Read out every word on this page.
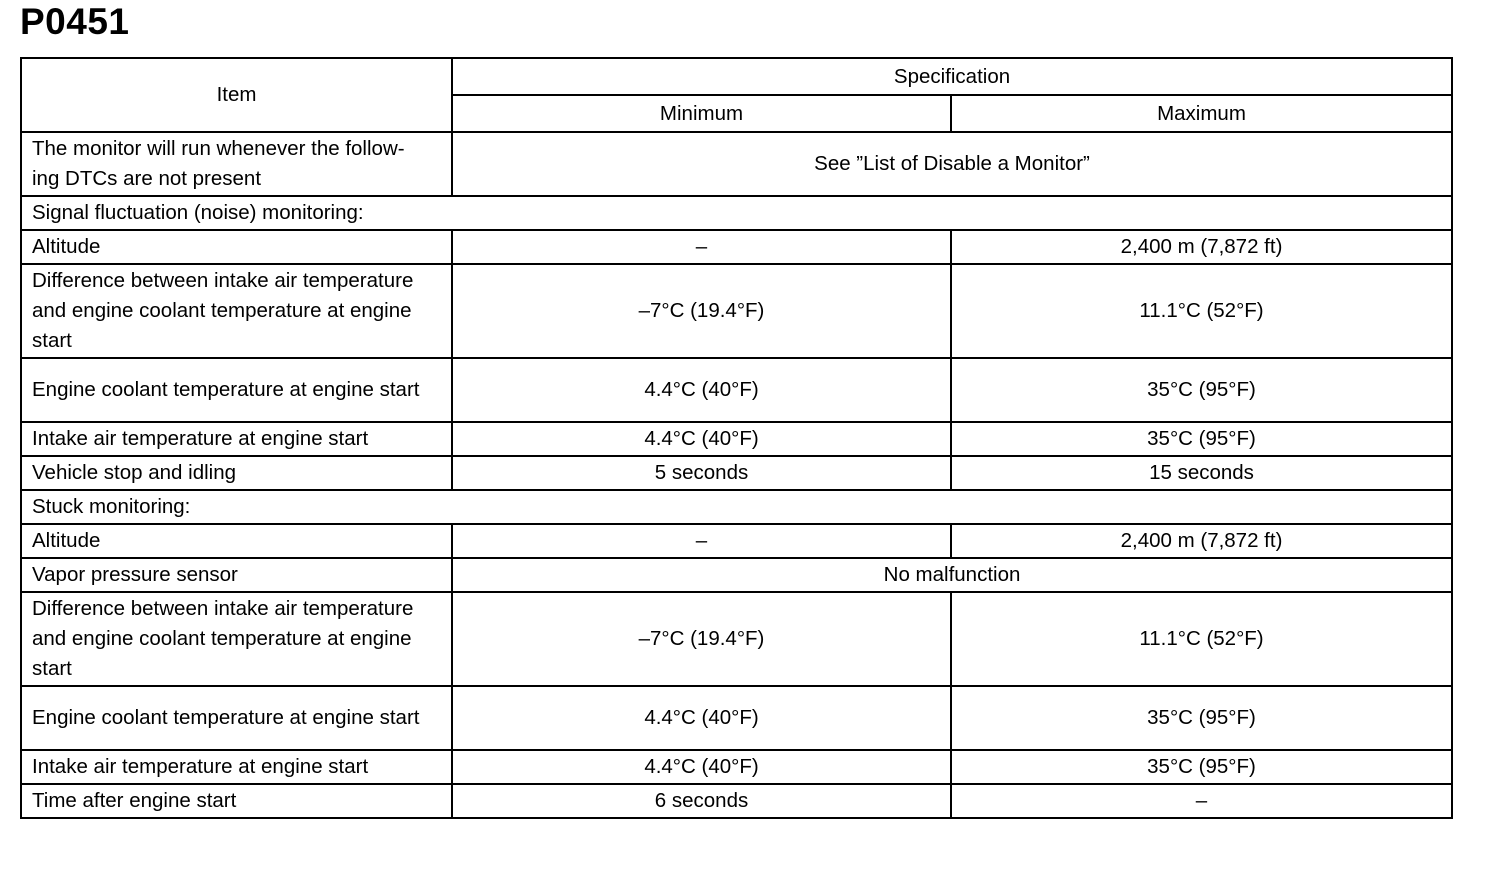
P0451
Item	Specification	
	Minimum	Maximum
The monitor will run whenever the follow-
ing DTCs are not present	See ”List of Disable a Monitor”	
Signal fluctuation (noise) monitoring:		
Altitude	–	2,400 m (7,872 ft)
Difference between intake air temperature and engine coolant temperature at engine start	–7°C (19.4°F)	11.1°C (52°F)
Engine coolant temperature at engine start	4.4°C (40°F)	35°C (95°F)
Intake air temperature at engine start	4.4°C (40°F)	35°C (95°F)
Vehicle stop and idling	5 seconds	15 seconds
Stuck monitoring:		
Altitude	–	2,400 m (7,872 ft)
Vapor pressure sensor	No malfunction	
Difference between intake air temperature and engine coolant temperature at engine start	–7°C (19.4°F)	11.1°C (52°F)
Engine coolant temperature at engine start	4.4°C (40°F)	35°C (95°F)
Intake air temperature at engine start	4.4°C (40°F)	35°C (95°F)
Time after engine start	6 seconds	–
